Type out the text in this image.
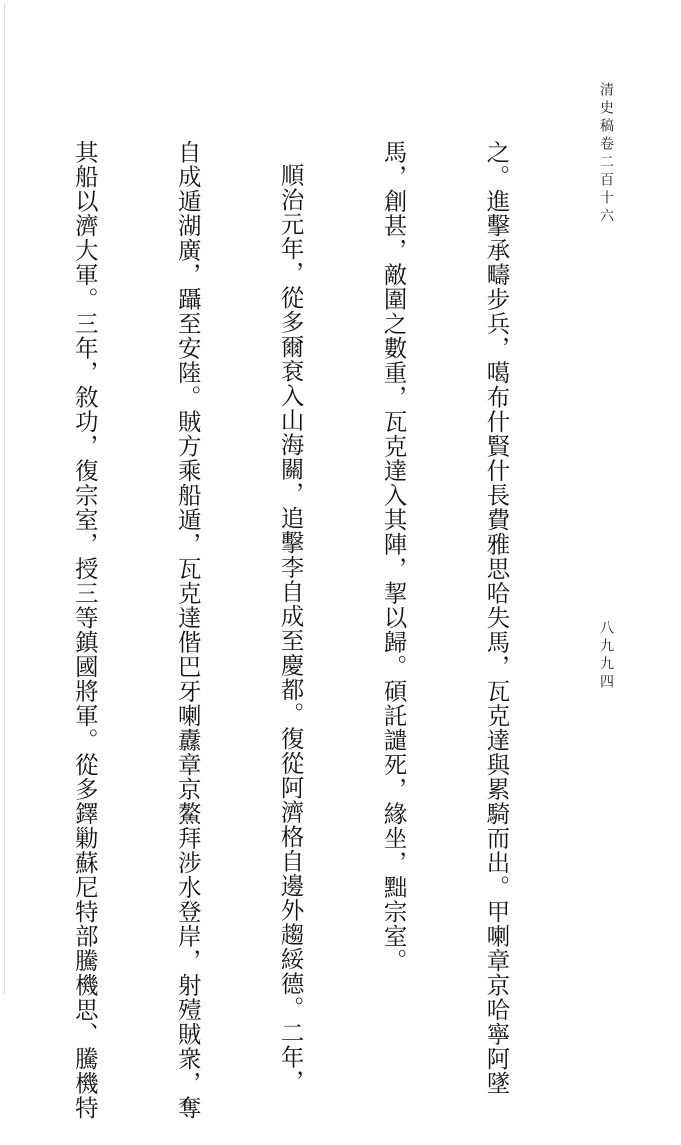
清史稿卷二百十六
八九九四

之。進擊承疇步兵，噶布什賢什長費雅思哈失馬，瓦克達與累騎而出。甲喇章京哈寧阿墜

馬，創甚，敵圍之數重，瓦克達入其陣，挈以歸。碩託譴死，緣坐，黜宗室。

順治元年，從多爾袞入山海關，追擊李自成至慶都。復從阿濟格自邊外趨綏德。二年，

自成遁湖廣，躡至安陸。賊方乘船遁，瓦克達偕巴牙喇纛章京鰲拜涉水登岸，射殪賊衆，奪

其船以濟大軍。三年，敘功，復宗室，授三等鎮國將軍。從多鐸勦蘇尼特部騰機思、騰機特
